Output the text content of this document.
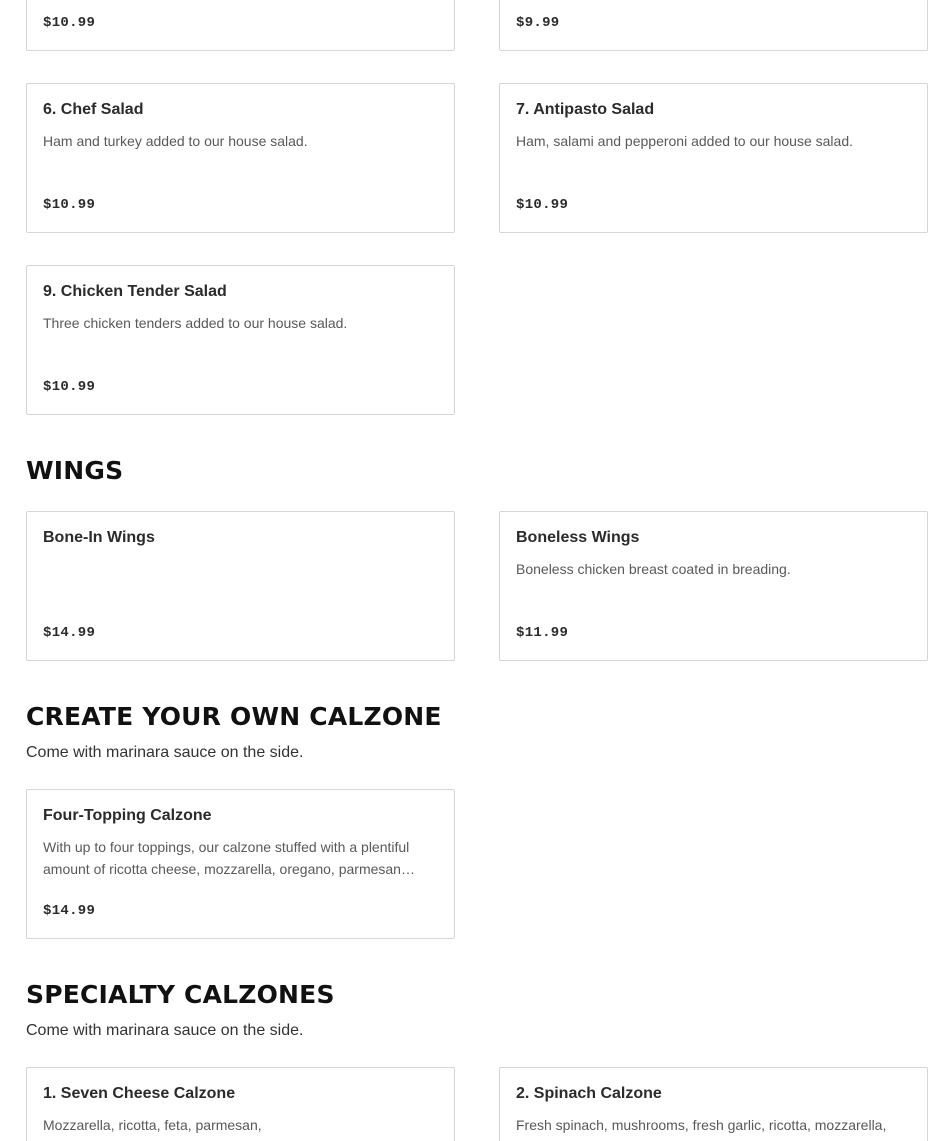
$10.99	$9.99
6. Chef Salad
Ham and turkey added to our house salad.
$10.99
7. Antipasto Salad
Ham, salami and pepperoni added to our house salad.
$10.99
9. Chicken Tender Salad
Three chicken tenders added to our house salad.
$10.99
WINGS
Bone-In Wings
$14.99
Boneless Wings
Boneless chicken breast coated in breading.
$11.99
CREATE YOUR OWN CALZONE
Come with marinara sauce on the side.
Four-Topping Calzone
With up to four toppings, our calzone stuffed with a plentiful amount of ricotta cheese, mozzarella, oregano, parmesan…
$14.99
SPECIALTY CALZONES
Come with marinara sauce on the side.
1. Seven Cheese Calzone
Mozzarella, ricotta, feta, parmesan,
2. Spinach Calzone
Fresh spinach, mushrooms, fresh garlic, ricotta, mozzarella,
